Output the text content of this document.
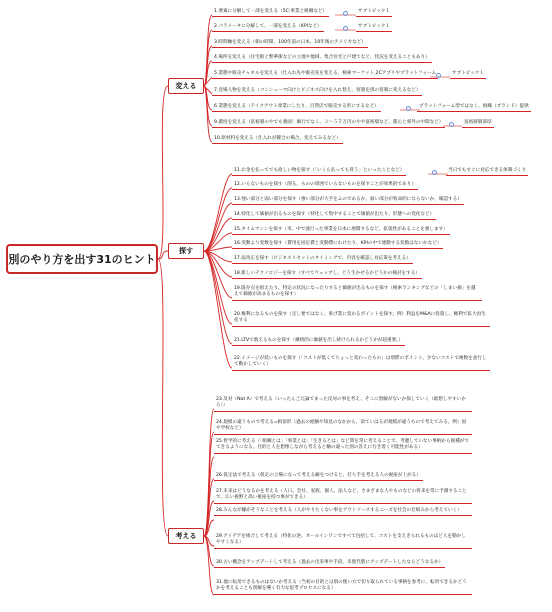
別のやり方を出す31のヒント
変える
1.要素に分解して一部を変える（5C:事業と組織など）	サブトピック１
2.パラメータに分解して、一部を変える（KPIなど）	サブトピック１
3.時間軸を変える（朝の時間、100年前の日本、10年後のアメリカなど）
4.場所を変える（住宅街と繁華街などの立地や地域、集合住宅と戸建てなど、状況を変えることもあり）
5.業態や販売チャネルを変える（仕入れ先や販売先を変える、検索マーケット,2Cアプリやプラットフォーム	サブトピック１
7.登場人物を変える（コンシューマ向けとビジネス向けを入れ替え、客層を別の客層に変えるなど）
6.業態を変える（テイクアウト専業にしたり、百貨店で販売する形にするなど）	プラットフォーム型ではなく、組織（ブランド）提供
9.濃度を変える（富裕層のやでも裏面！価行でなく、３〜５千万円のやや富裕層など、都心と郊外の中間など）	富裕層層部厚
10.原材料を変える（仕入れが競合の場合、変えてみるなど）
探す
11.お金を払ってでも欲しい物を探す（「いくら払っても買う」といったことなど）	当日でもすぐに対応できる体制づくり
12.いらないものを探す（削る、ものの周囲でいらないものを探すことが効果的であり）
13.強い部分と弱い部分を探す（強い部分が大手をふのであるか、弱い部分が致命的にならないか、確認する）
14.特化して価値が出るものを探す（特化して集中することで価値が出たり、形態への変化など）
15.タイムマシンを探す（米、中で流行った事業を日本に展開するなど、拡張性があることを強します）
16.変動より変数を探す（費用を固定費と変動費にわけたり、KPIの中で連動する変数はないかなど）
17.法改正を探す（ビジネスリセットのタイミングで、内容を確認し対応策を考える）
18.新しいテクノロジーを探す（すべてウェッブし、どう生かせるかどうかの検討をする）
19.既存点を組えたり、特定の状況になったりすると価値が出るものを探す（検索ランキングなどの「しまい損」を越えて価値が高まるものを探す）
20.権利になるものを探す（定し要ではなく、垂げ業に変わるポイントを探す。例）利益をM&Aに投資し、権利で拡大再生産する
21.LTVで救えるものを探す（継続的に価値を出し続けられるかどうかが超重要。）
22.イメージが低いものを探す（「コストが低くてちょっと変わったもの」は別際のポイント。少ないコストで複数を並行して動かしていく）
考える
23.反対（Not A）で考える（いったんご元論でまった反対の事を考え、そこに別解がないか探していく（敢想しやすいかろ））
24.規模の違うもので考える=相似形（過去の経験や知見のなかから、似ていはるが規模が違うもので考えてみる。例）国や学校など）
25.哲学的に考える（「組織とは」「事業とは」「生きるとは」など問を常に考えることで、考慮していない事柄から視種がでてきるようになる。目的と人を想像しながら考えると軸の違った別の答えに行き着く可能性がある）
26.仮定法で考える（仮定の立場になって考える癖をつけると、打ち手を考える人の視座が上がる）
27.未来はどうなるかを考える（人口、会社、家族、個人、法人など、さまざまな人やものなどの将来を常に予測することで、広い視野と高い視座を持つ事ができる）
28.みんなが嫌がそうなことを考える（人がやりたくない事をアウトソースするニーズを社会の仕組みから考えていく）
29.アイデアを組合して考える（特化の逆。オールインワンですべて包括して、コストを支えきられるものほど人を動かしやすくなる）
30.古い概念をアップデートして考える（過去の出来事や手段、未使代版にアップデートしたならどうなるか）
31.他に転用できるものはないか考える（当初の目的とは別の使い方で切り取られている事柄を参考に、転用できるかどうかを考えることも別解を導く有力な思考プロセスになる）
